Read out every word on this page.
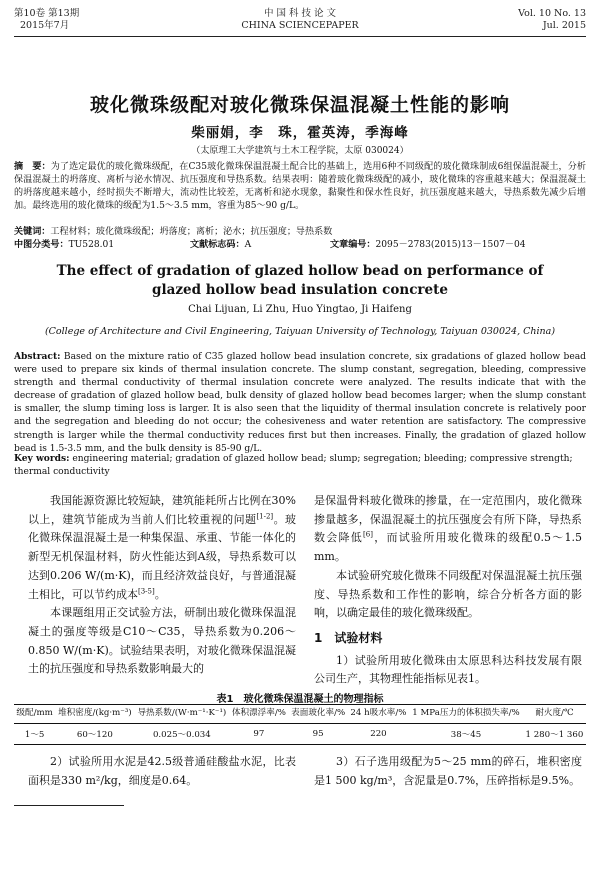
第10卷 第13期
2015年7月
中 国 科 技 论 文
CHINA SCIENCEPAPER
Vol. 10 No. 13
Jul. 2015
玻化微珠级配对玻化微珠保温混凝土性能的影响
柴丽娟，李　珠，霍英涛，季海峰
（太原理工大学建筑与土木工程学院，太原 030024）
摘　要：为了选定最优的玻化微珠级配，在C35玻化微珠保温混凝土配合比的基础上，选用6种不同级配的玻化微珠制成6组保温混凝土，分析保温混凝土的坍落度、离析与泌水情况、抗压强度和导热系数。结果表明：随着玻化微珠级配的减小，玻化微珠的容重越来越大；保温混凝土的坍落度越来越小，经时损失不断增大，流动性比较差，无离析和泌水现象，黏聚性和保水性良好，抗压强度越来越大，导热系数先减少后增加。最终选用的玻化微珠的级配为1.5～3.5 mm，容重为85～90 g/L。
关键词：工程材料；玻化微珠级配；坍落度；离析；泌水；抗压强度；导热系数
中图分类号：TU528.01	文献标志码：A	文章编号：2095－2783(2015)13－1507－04
The effect of gradation of glazed hollow bead on performance of glazed hollow bead insulation concrete
Chai Lijuan, Li Zhu, Huo Yingtao, Ji Haifeng
(College of Architecture and Civil Engineering, Taiyuan University of Technology, Taiyuan 030024, China)
Abstract: Based on the mixture ratio of C35 glazed hollow bead insulation concrete, six gradations of glazed hollow bead were used to prepare six kinds of thermal insulation concrete. The slump constant, segregation, bleeding, compressive strength and thermal conductivity of thermal insulation concrete were analyzed. The results indicate that with the decrease of gradation of glazed hollow bead, bulk density of glazed hollow bead becomes larger; when the slump constant is smaller, the slump timing loss is larger. It is also seen that the liquidity of thermal insulation concrete is relatively poor and the segregation and bleeding do not occur; the cohesiveness and water retention are satisfactory. The compressive strength is larger while the thermal conductivity reduces first but then increases. Finally, the gradation of glazed hollow bead is 1.5-3.5 mm, and the bulk density is 85-90 g/L.
Key words: engineering material; gradation of glazed hollow bead; slump; segregation; bleeding; compressive strength; thermal conductivity

我国能源资源比较短缺，建筑能耗所占比例在30%以上，建筑节能成为当前人们比较重视的问题[1-2]。玻化微珠保温混凝土是一种集保温、承重、节能一体化的新型无机保温材料，防火性能达到A级，导热系数可以达到0.206 W/(m·K)，而且经济效益良好，与普通混凝土相比，可以节约成本[3-5]。

本课题组用正交试验方法，研制出玻化微珠保温混凝土的强度等级是C10～C35，导热系数为0.206～0.850 W/(m·K)。试验结果表明，对玻化微珠保温混凝土的抗压强度和导热系数影响最大的

是保温骨料玻化微珠的掺量，在一定范围内，玻化微珠掺量越多，保温混凝土的抗压强度会有所下降，导热系数会降低[6]，而试验所用玻化微珠的级配0.5～1.5 mm。

本试验研究玻化微珠不同级配对保温混凝土抗压强度、导热系数和工作性的影响，综合分析各方面的影响，以确定最佳的玻化微珠级配。

1　试验材料

1）试验所用玻化微珠由太原思科达科技发展有限公司生产，其物理性能指标见表1。

表1　玻化微珠保温混凝土的物理指标
级配/mm	堆积密度/(kg·m⁻³)	导热系数/(W·m⁻¹·K⁻¹)	体积漂浮率/%	表面玻化率/%	24 h吸水率/%	1 MPa压力的体积损失率/%	耐火度/℃
1～5	60～120	0.025～0.034	97	95	220	38～45	1 280～1 360

2）试验所用水泥是42.5级普通硅酸盐水泥，比表面积是330 m²/kg，细度是0.64。

3）石子选用级配为5～25 mm的碎石，堆积密度是1 500 kg/m³，含泥量是0.7%，压碎指标是9.5%。
